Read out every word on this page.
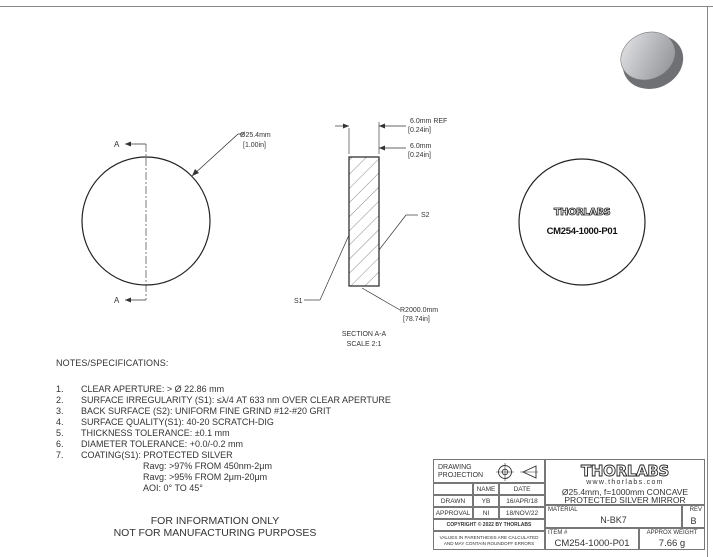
A
A
Ø25.4mm
[1.00in]
6.0mm REF
[0.24in]
6.0mm
[0.24in]
S2
S1
R2000.0mm
[78.74in]
SECTION A-A
SCALE 2:1
THORLABS
CM254-1000-P01
NOTES/SPECIFICATIONS:
1. CLEAR APERTURE: > Ø 22.86 mm
2. SURFACE IRREGULARITY (S1): ≤λ/4 AT 633 nm OVER CLEAR APERTURE
3. BACK SURFACE (S2): UNIFORM FINE GRIND #12-#20 GRIT
4. SURFACE QUALITY(S1): 40-20 SCRATCH-DIG
5. THICKNESS TOLERANCE: ±0.1 mm
6. DIAMETER TOLERANCE: +0.0/-0.2 mm
7. COATING(S1): PROTECTED SILVER
Ravg: >97% FROM 450nm-2μm
Ravg: >95% FROM 2μm-20μm
AOI: 0° TO 45°
FOR INFORMATION ONLY
NOT FOR MANUFACTURING PURPOSES
DRAWING
PROJECTION
NAME	DATE
DRAWN	YB	16/APR/18
APPROVAL	NI	18/NOV/22
COPYRIGHT © 2022 BY THORLABS
VALUES IN PARENTHESIS ARE CALCULATED
AND MAY CONTAIN ROUNDOFF ERRORS
THORLABS
www.thorlabs.com
Ø25.4mm, f=1000mm CONCAVE
PROTECTED SILVER MIRROR
MATERIAL
N-BK7
REV
B
ITEM #
CM254-1000-P01
APPROX WEIGHT
7.66 g
